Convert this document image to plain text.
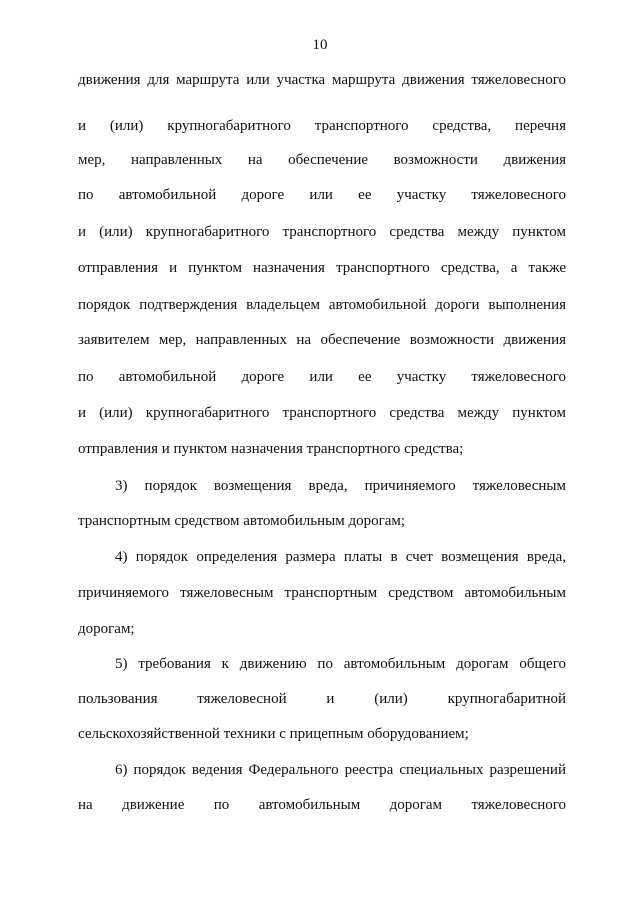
10
движения для маршрута или участка маршрута движения тяжеловесного
и (или) крупногабаритного транспортного средства, перечня
мер, направленных на обеспечение возможности движения
по автомобильной дороге или ее участку тяжеловесного
и (или) крупногабаритного транспортного средства между пунктом
отправления и пунктом назначения транспортного средства, а также
порядок подтверждения владельцем автомобильной дороги выполнения
заявителем мер, направленных на обеспечение возможности движения
по автомобильной дороге или ее участку тяжеловесного
и (или) крупногабаритного транспортного средства между пунктом
отправления и пунктом назначения транспортного средства;
3) порядок возмещения вреда, причиняемого тяжеловесным
транспортным средством автомобильным дорогам;
4) порядок определения размера платы в счет возмещения вреда,
причиняемого тяжеловесным транспортным средством автомобильным
дорогам;
5) требования к движению по автомобильным дорогам общего
пользования тяжеловесной и (или) крупногабаритной
сельскохозяйственной техники с прицепным оборудованием;
6) порядок ведения Федерального реестра специальных разрешений
на движение по автомобильным дорогам тяжеловесного
